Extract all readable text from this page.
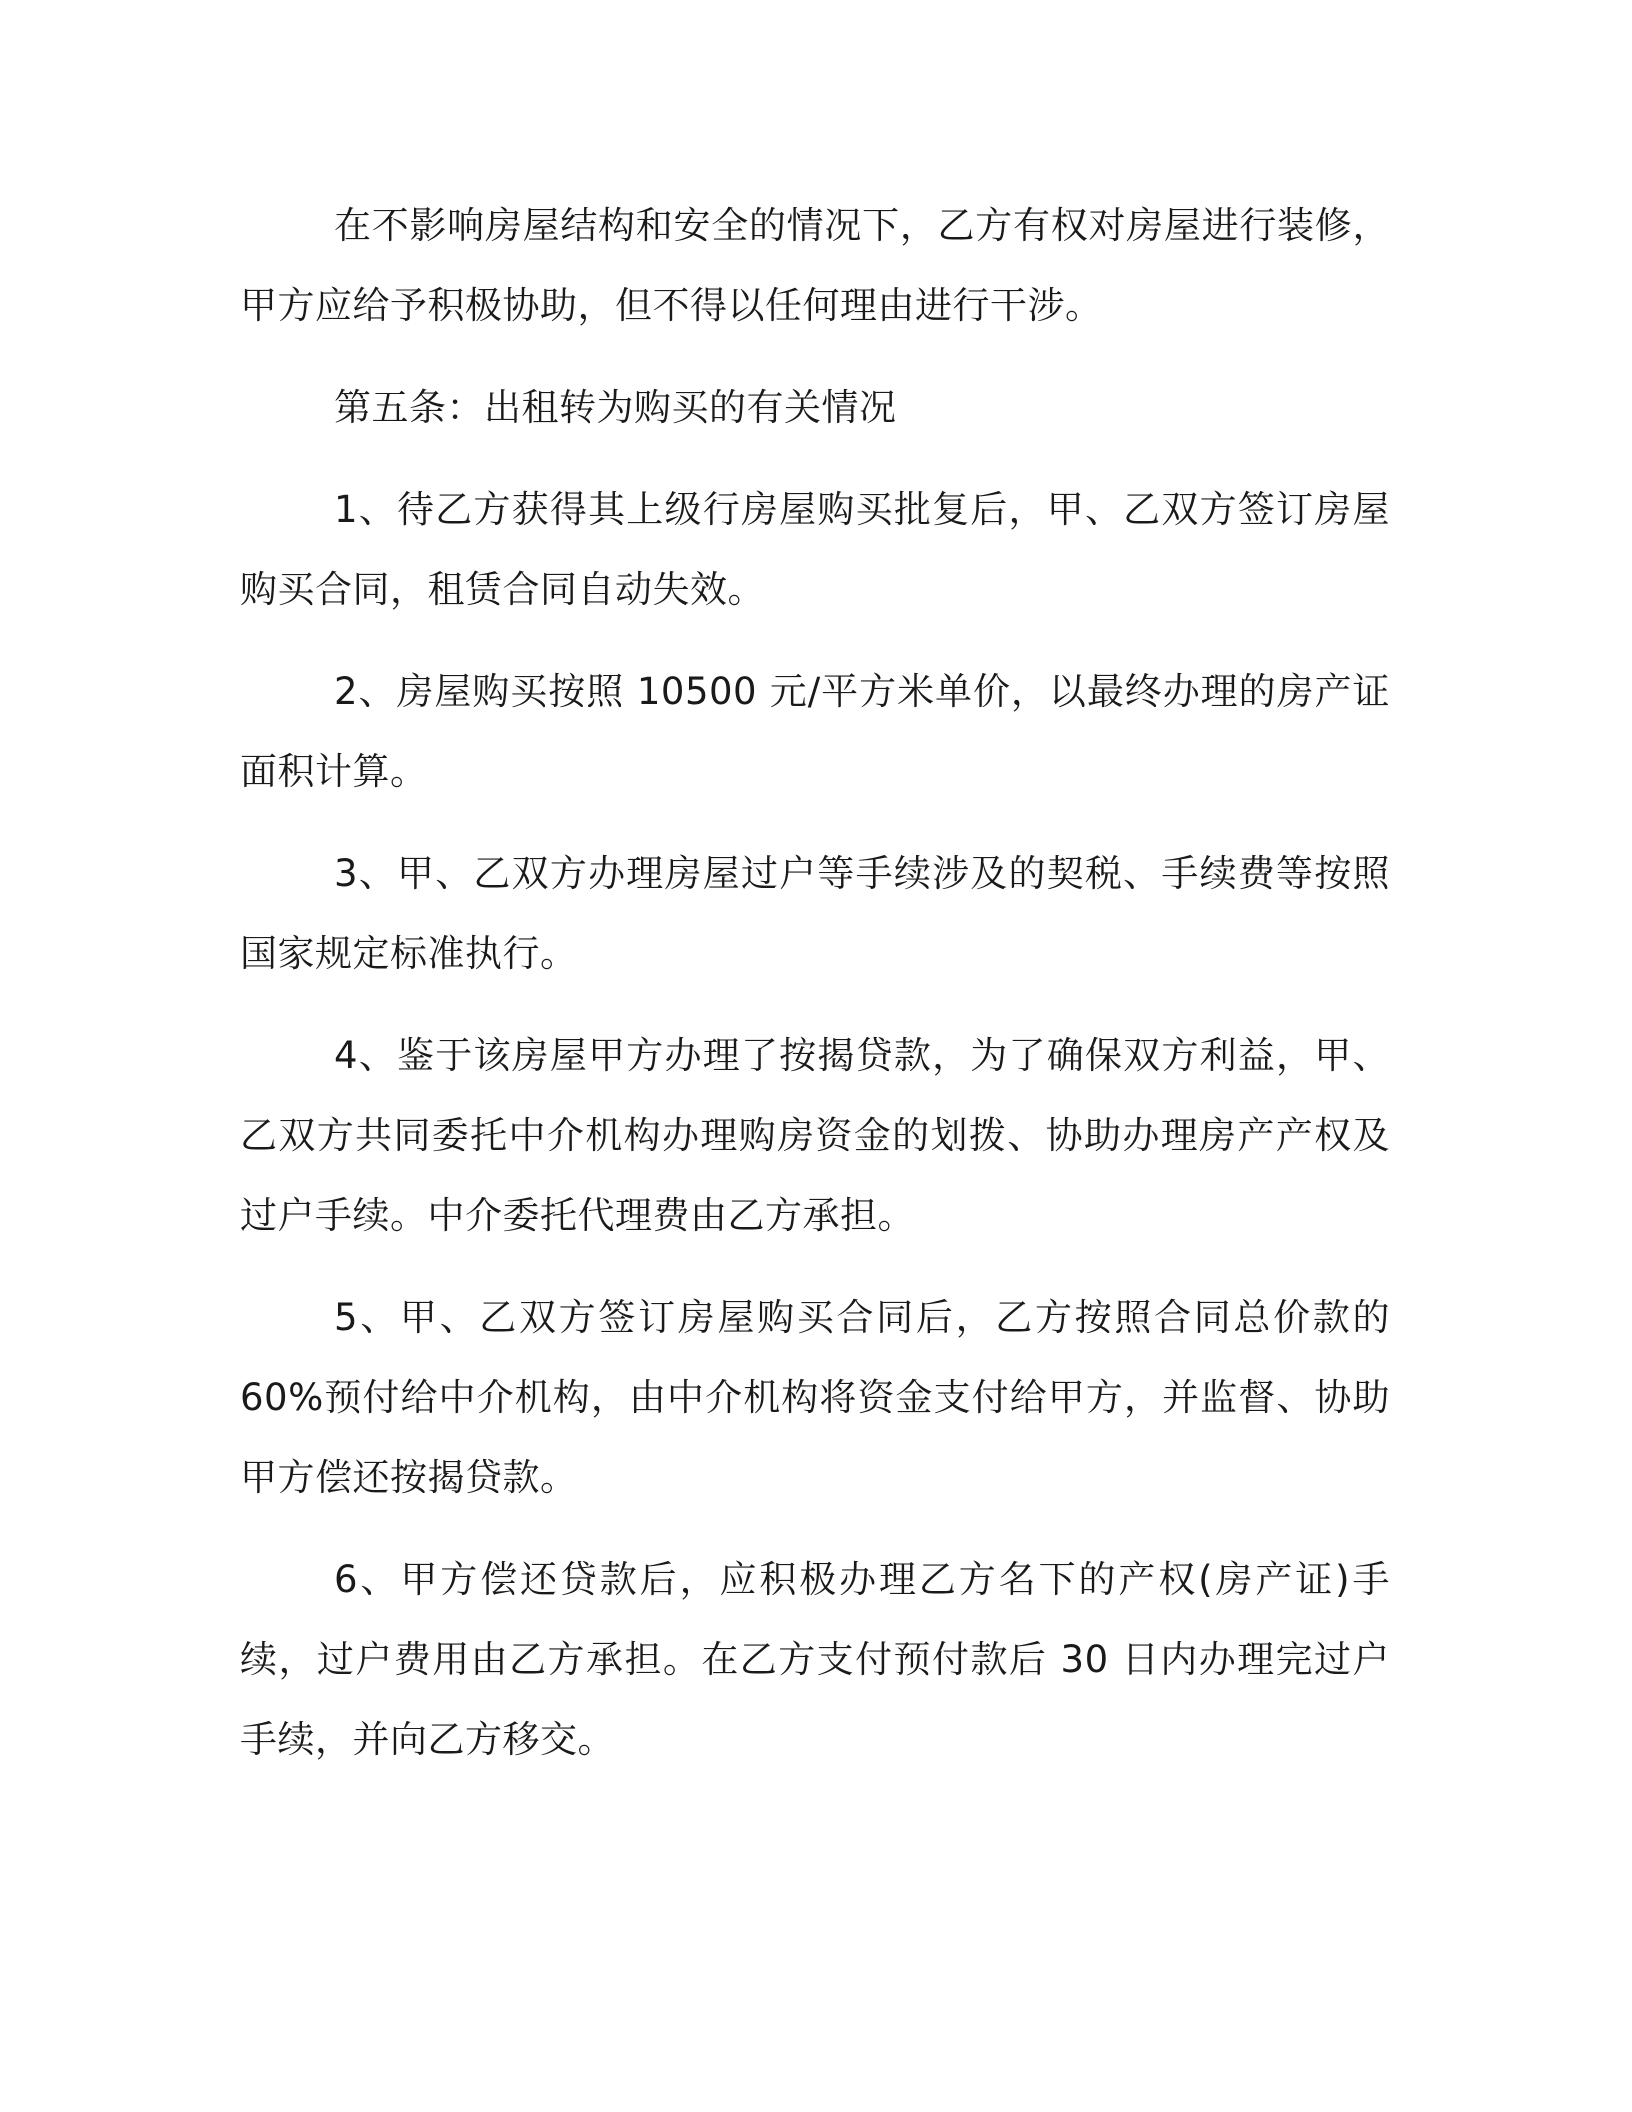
在不影响房屋结构和安全的情况下，乙方有权对房屋进行装修，甲方应给予积极协助，但不得以任何理由进行干涉。

第五条：出租转为购买的有关情况

1、待乙方获得其上级行房屋购买批复后，甲、乙双方签订房屋购买合同，租赁合同自动失效。

2、房屋购买按照 10500 元/平方米单价，以最终办理的房产证面积计算。

3、甲、乙双方办理房屋过户等手续涉及的契税、手续费等按照国家规定标准执行。

4、鉴于该房屋甲方办理了按揭贷款，为了确保双方利益，甲、乙双方共同委托中介机构办理购房资金的划拨、协助办理房产产权及过户手续。中介委托代理费由乙方承担。

5、甲、乙双方签订房屋购买合同后，乙方按照合同总价款的60%预付给中介机构，由中介机构将资金支付给甲方，并监督、协助甲方偿还按揭贷款。

6、甲方偿还贷款后，应积极办理乙方名下的产权(房产证)手续，过户费用由乙方承担。在乙方支付预付款后 30 日内办理完过户手续，并向乙方移交。
